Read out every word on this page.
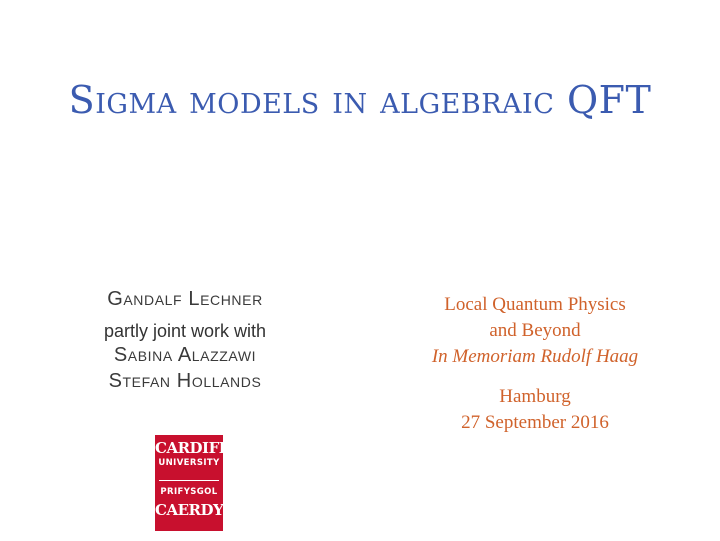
Sigma models in algebraic QFT
Gandalf Lechner
partly joint work with
Sabina Alazzawi
Stefan Hollands
Local Quantum Physics
and Beyond
In Memoriam Rudolf Haag
Hamburg
27 September 2016
CARDIFF
UNIVERSITY
PRIFYSGOL
CAERDYDD
